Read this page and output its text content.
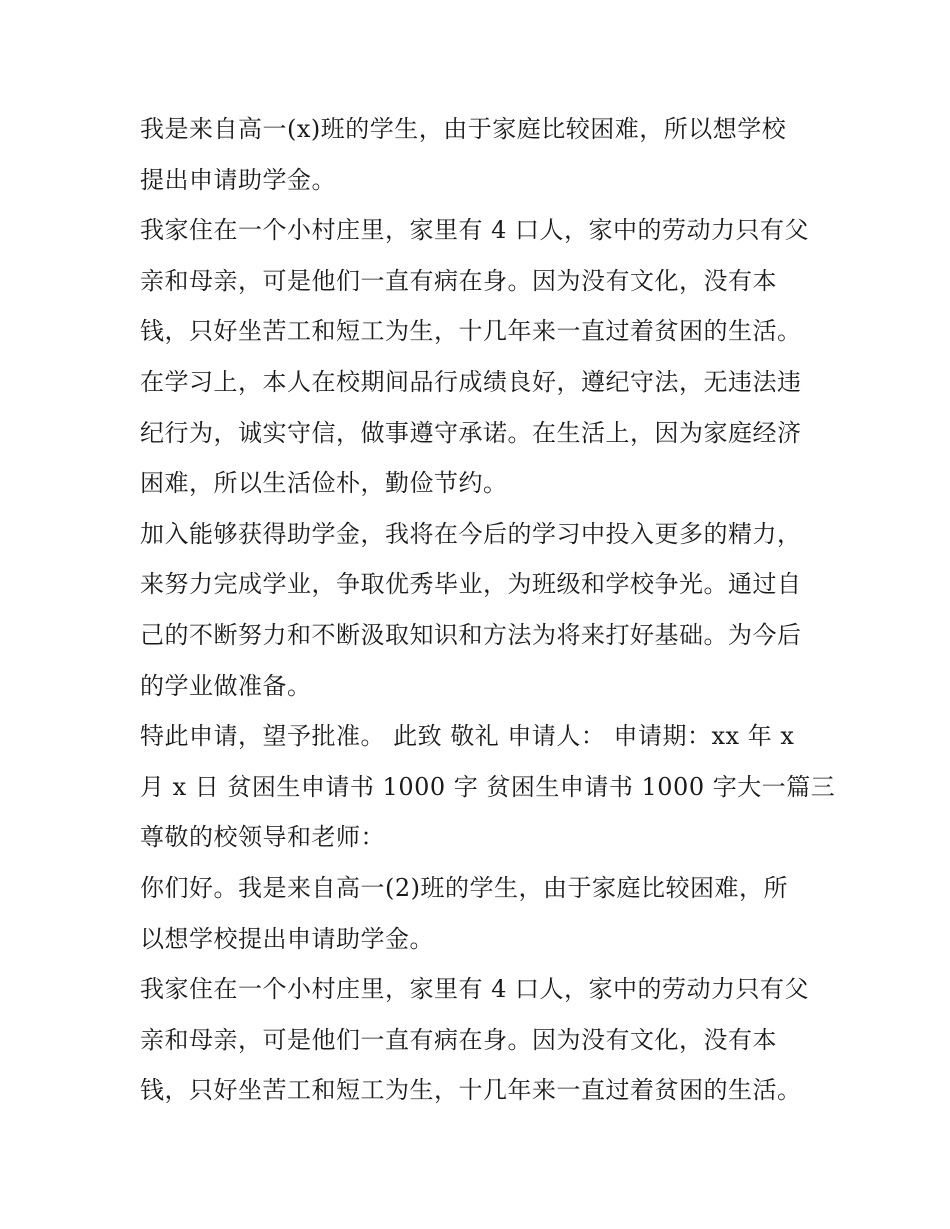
我是来自高一(x)班的学生，由于家庭比较困难，所以想学校
提出申请助学金。
我家住在一个小村庄里，家里有 4 口人，家中的劳动力只有父
亲和母亲，可是他们一直有病在身。因为没有文化，没有本
钱，只好坐苦工和短工为生，十几年来一直过着贫困的生活。
在学习上，本人在校期间品行成绩良好，遵纪守法，无违法违
纪行为，诚实守信，做事遵守承诺。在生活上，因为家庭经济
困难，所以生活俭朴，勤俭节约。
加入能够获得助学金，我将在今后的学习中投入更多的精力，
来努力完成学业，争取优秀毕业，为班级和学校争光。通过自
己的不断努力和不断汲取知识和方法为将来打好基础。为今后
的学业做准备。
特此申请，望予批准。 此致 敬礼 申请人： 申请期：xx 年 x
月 x 日 贫困生申请书 1000 字 贫困生申请书 1000 字大一篇三
尊敬的校领导和老师：
你们好。我是来自高一(2)班的学生，由于家庭比较困难，所
以想学校提出申请助学金。
我家住在一个小村庄里，家里有 4 口人，家中的劳动力只有父
亲和母亲，可是他们一直有病在身。因为没有文化，没有本
钱，只好坐苦工和短工为生，十几年来一直过着贫困的生活。
